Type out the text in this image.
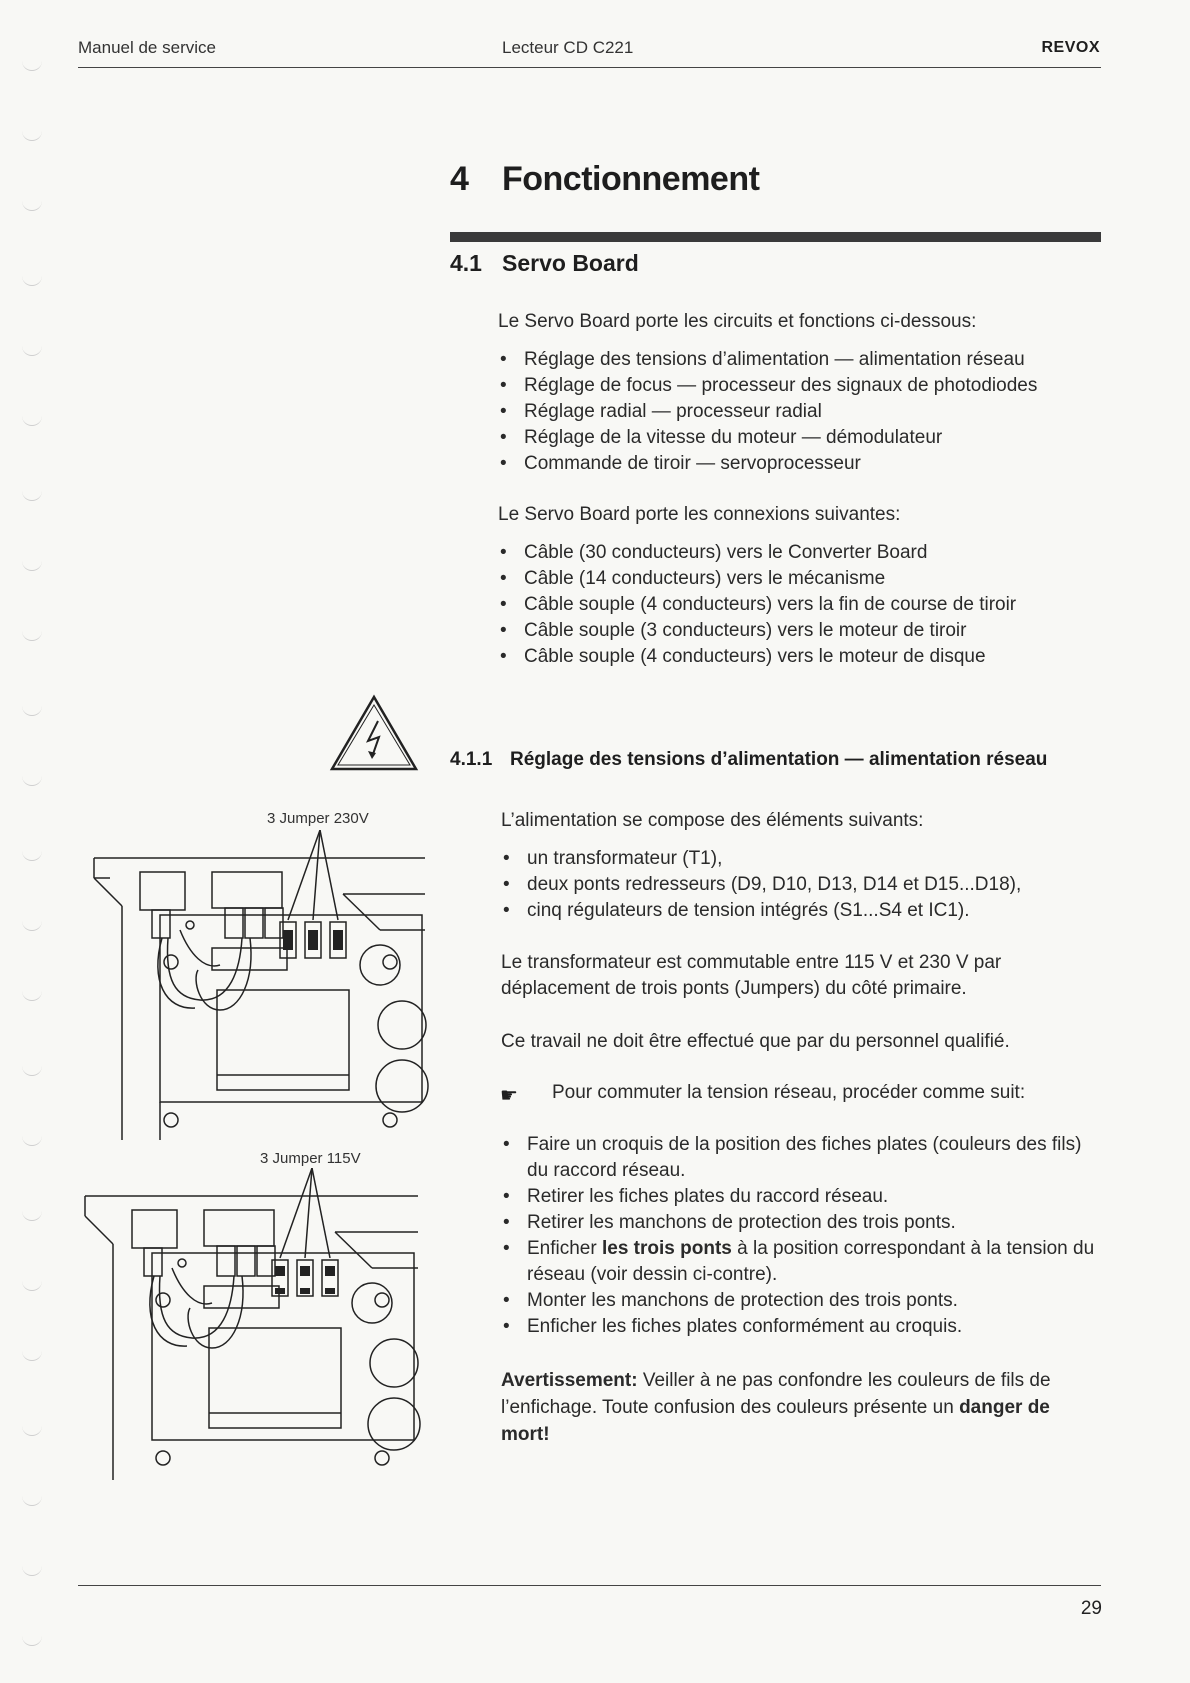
Manuel de service	Lecteur CD C221	REVOX
4 Fonctionnement
4.1 Servo Board
Le Servo Board porte les circuits et fonctions ci-dessous:
• Réglage des tensions d’alimentation — alimentation réseau
• Réglage de focus — processeur des signaux de photodiodes
• Réglage radial — processeur radial
• Réglage de la vitesse du moteur — démodulateur
• Commande de tiroir — servoprocesseur
Le Servo Board porte les connexions suivantes:
• Câble (30 conducteurs) vers le Converter Board
• Câble (14 conducteurs) vers le mécanisme
• Câble souple (4 conducteurs) vers la fin de course de tiroir
• Câble souple (3 conducteurs) vers le moteur de tiroir
• Câble souple (4 conducteurs) vers le moteur de disque
4.1.1 Réglage des tensions d’alimentation — alimentation réseau
L’alimentation se compose des éléments suivants:
• un transformateur (T1),
• deux ponts redresseurs (D9, D10, D13, D14 et D15...D18),
• cinq régulateurs de tension intégrés (S1...S4 et IC1).
Le transformateur est commutable entre 115 V et 230 V par déplacement de trois ponts (Jumpers) du côté primaire.
Ce travail ne doit être effectué que par du personnel qualifié.
☛ Pour commuter la tension réseau, procéder comme suit:
• Faire un croquis de la position des fiches plates (couleurs des fils) du raccord réseau.
• Retirer les fiches plates du raccord réseau.
• Retirer les manchons de protection des trois ponts.
• Enficher les trois ponts à la position correspondant à la tension du réseau (voir dessin ci-contre).
• Monter les manchons de protection des trois ponts.
• Enficher les fiches plates conformément au croquis.
Avertissement: Veiller à ne pas confondre les couleurs de fils de l’enfichage. Toute confusion des couleurs présente un danger de mort!
3 Jumper 230V
3 Jumper 115V
29
